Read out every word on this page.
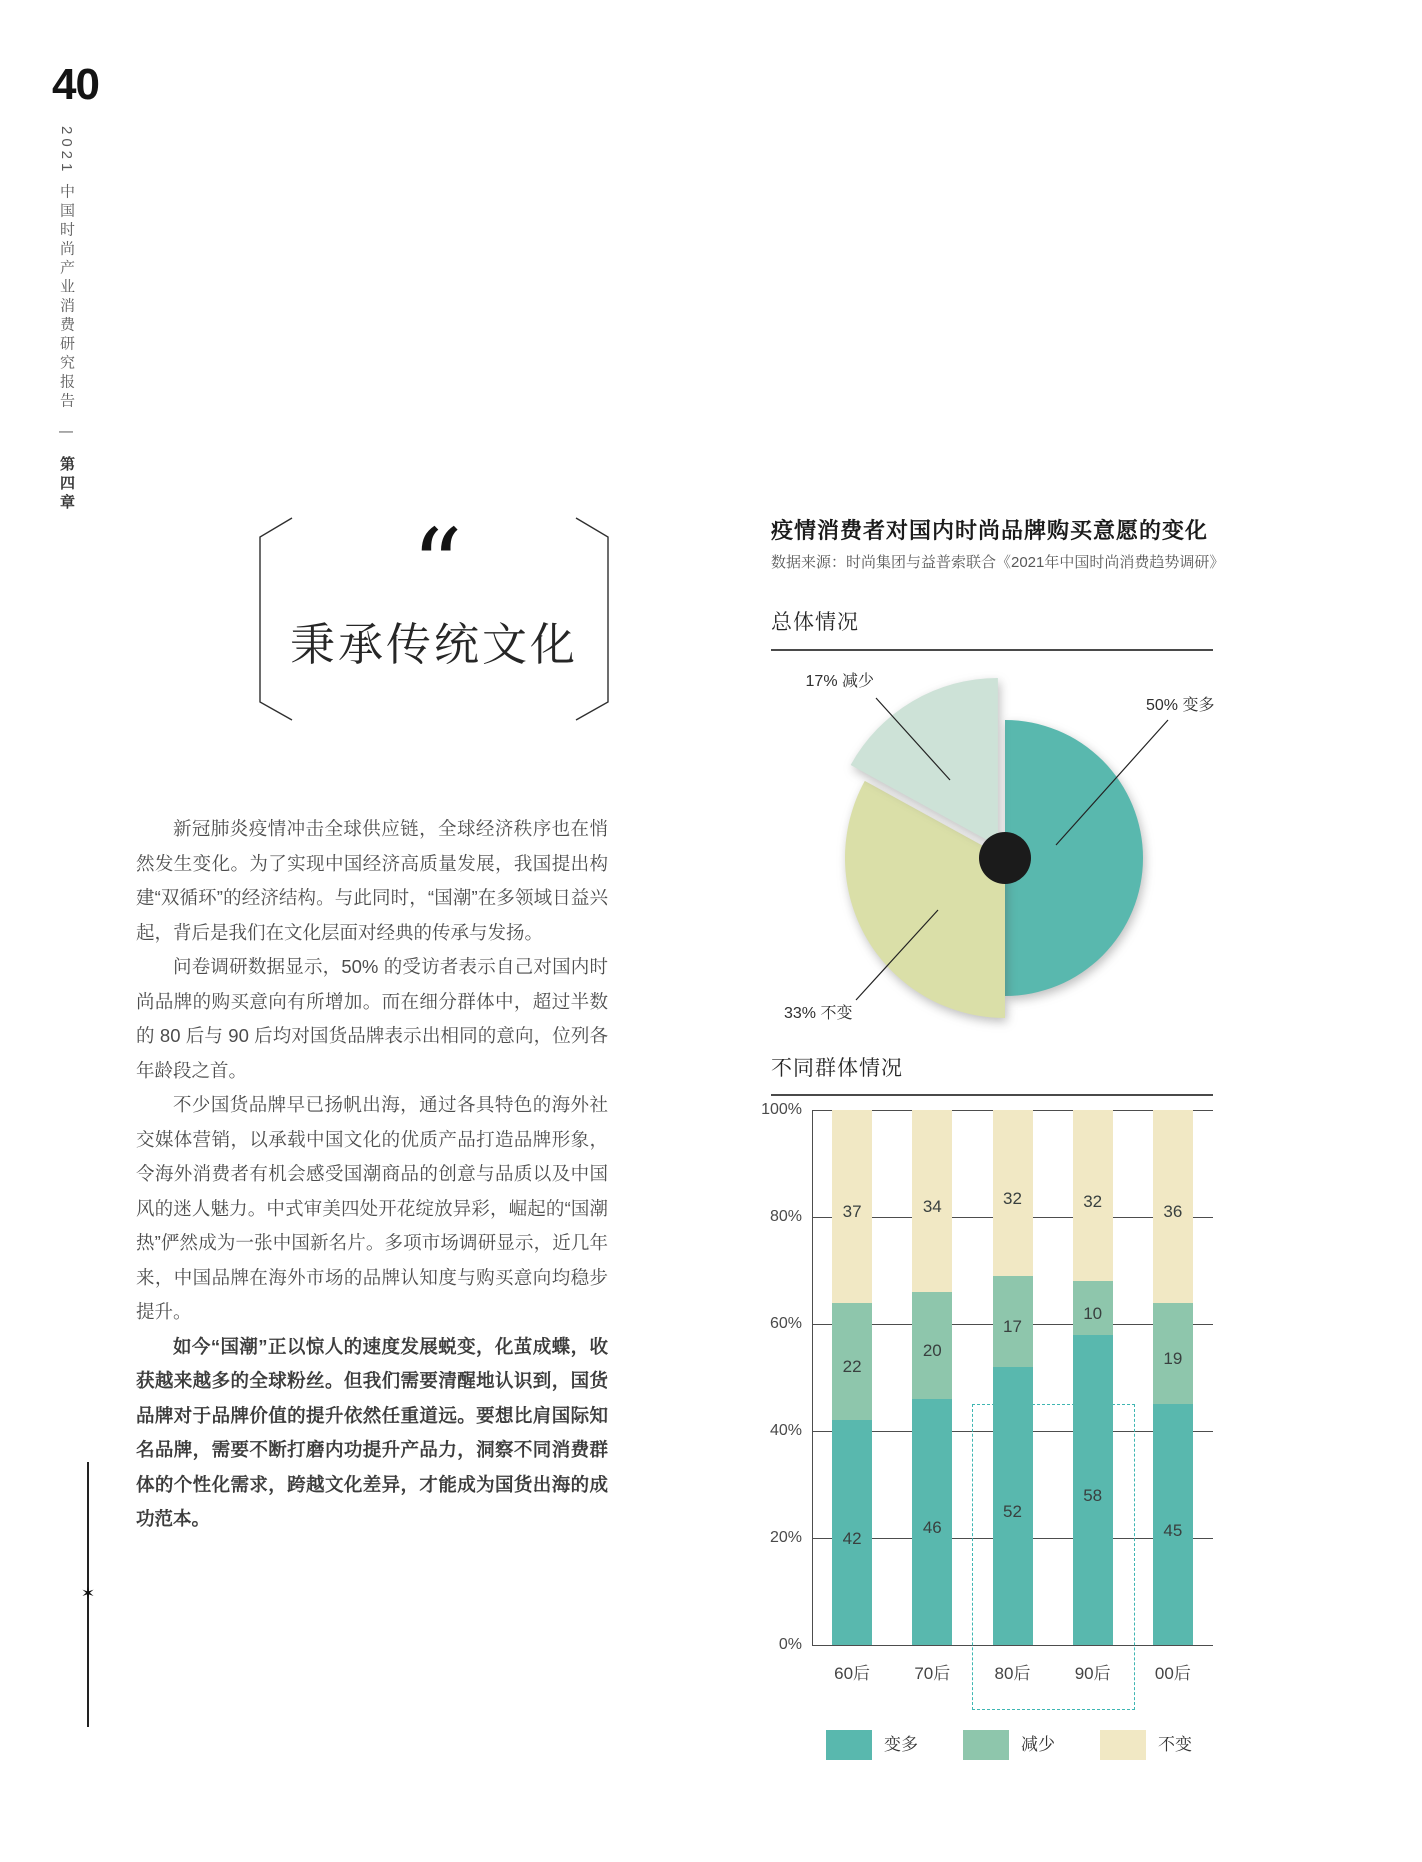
40
2021 中国时尚产业消费研究报告 | 第四章
✶
“
秉承传统文化

新冠肺炎疫情冲击全球供应链，全球经济秩序也在悄然发生变化。为了实现中国经济高质量发展，我国提出构建“双循环”的经济结构。与此同时，“国潮”在多领域日益兴起，背后是我们在文化层面对经典的传承与发扬。

问卷调研数据显示，50% 的受访者表示自己对国内时尚品牌的购买意向有所增加。而在细分群体中，超过半数的 80 后与 90 后均对国货品牌表示出相同的意向，位列各年龄段之首。

不少国货品牌早已扬帆出海，通过各具特色的海外社交媒体营销，以承载中国文化的优质产品打造品牌形象，令海外消费者有机会感受国潮商品的创意与品质以及中国风的迷人魅力。中式审美四处开花绽放异彩，崛起的“国潮热”俨然成为一张中国新名片。多项市场调研显示，近几年来，中国品牌在海外市场的品牌认知度与购买意向均稳步提升。

如今“国潮”正以惊人的速度发展蜕变，化茧成蝶，收获越来越多的全球粉丝。但我们需要清醒地认识到，国货品牌对于品牌价值的提升依然任重道远。要想比肩国际知名品牌，需要不断打磨内功提升产品力，洞察不同消费群体的个性化需求，跨越文化差异，才能成为国货出海的成功范本。

疫情消费者对国内时尚品牌购买意愿的变化
数据来源：时尚集团与益普索联合《2021年中国时尚消费趋势调研》
总体情况
50% 变多
33% 不变
17% 减少
不同群体情况
0%
20%
40%
60%
80%
100%
42
22
37
60后
46
20
34
70后
52
17
32
80后
58
10
32
90后
45
19
36
00后
变多	减少	不变
